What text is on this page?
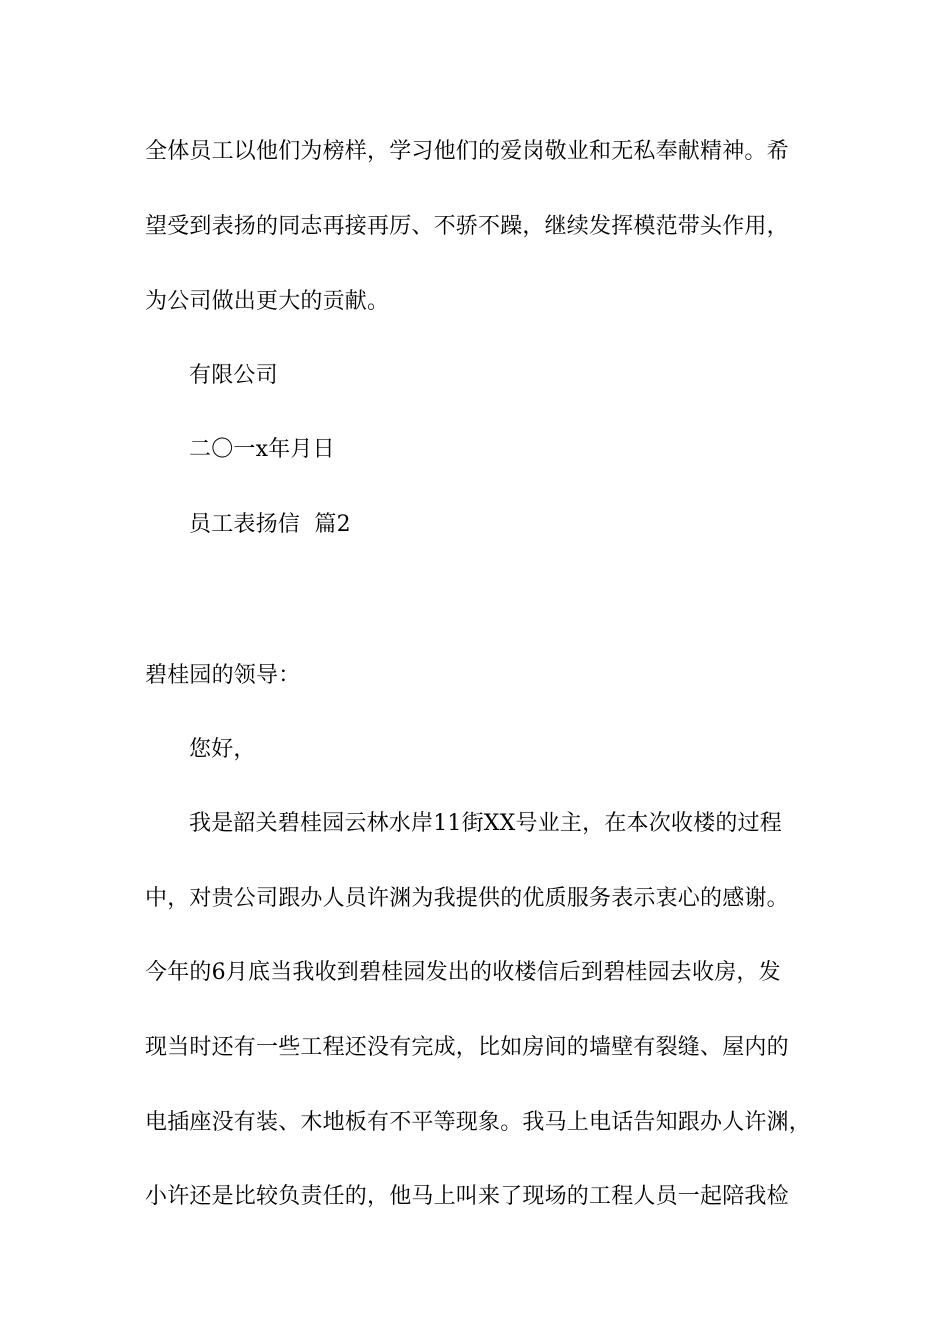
全体员工以他们为榜样，学习他们的爱岗敬业和无私奉献精神。希
望受到表扬的同志再接再厉、不骄不躁，继续发挥模范带头作用，
为公司做出更大的贡献。
有限公司
二〇一x年月日
员工表扬信  篇2
碧桂园的领导：
您好，
我是韶关碧桂园云林水岸11街XX号业主，在本次收楼的过程
中，对贵公司跟办人员许渊为我提供的优质服务表示衷心的感谢。
今年的6月底当我收到碧桂园发出的收楼信后到碧桂园去收房，发
现当时还有一些工程还没有完成，比如房间的墙壁有裂缝、屋内的
电插座没有装、木地板有不平等现象。我马上电话告知跟办人许渊，
小许还是比较负责任的，他马上叫来了现场的工程人员一起陪我检
